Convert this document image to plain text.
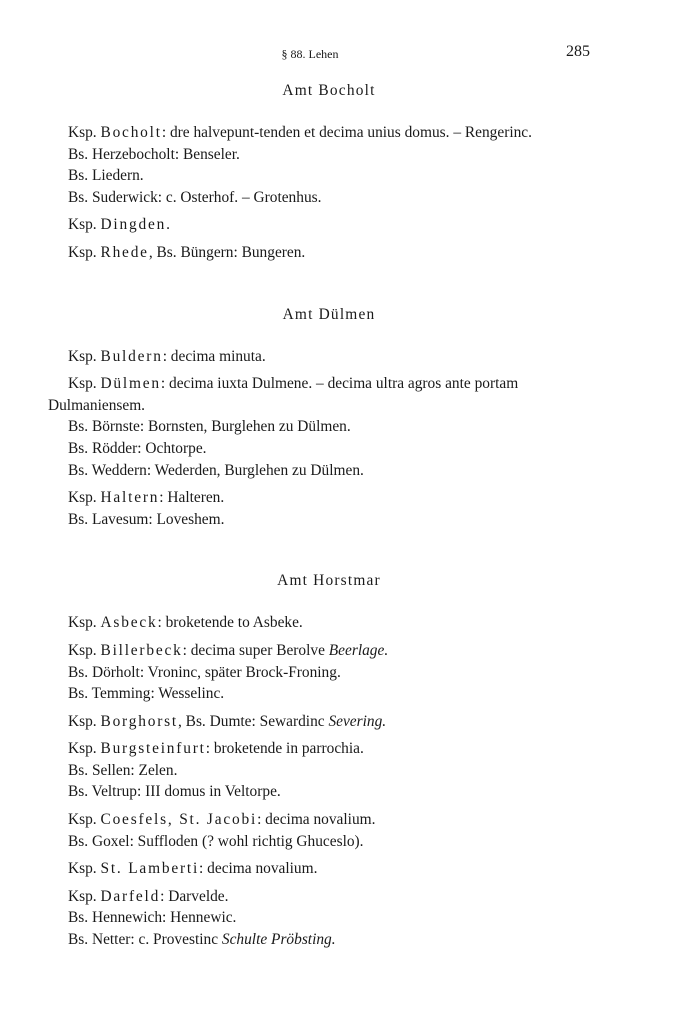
§ 88. Lehen	285
Amt Bocholt
Ksp. Bocholt: dre halvepunt-tenden et decima unius domus. – Rengerinc.
Bs. Herzebocholt: Benseler.
Bs. Liedern.
Bs. Suderwick: c. Osterhof. – Grotenhus.
Ksp. Dingden.
Ksp. Rhede, Bs. Büngern: Bungeren.
Amt Dülmen
Ksp. Buldern: decima minuta.
Ksp. Dülmen: decima iuxta Dulmene. – decima ultra agros ante portam
Dulmaniensem.
Bs. Börnste: Bornsten, Burglehen zu Dülmen.
Bs. Rödder: Ochtorpe.
Bs. Weddern: Wederden, Burglehen zu Dülmen.
Ksp. Haltern: Halteren.
Bs. Lavesum: Loveshem.
Amt Horstmar
Ksp. Asbeck: broketende to Asbeke.
Ksp. Billerbeck: decima super Berolve Beerlage.
Bs. Dörholt: Vroninc, später Brock-Froning.
Bs. Temming: Wesselinc.
Ksp. Borghorst, Bs. Dumte: Sewardinc Severing.
Ksp. Burgsteinfurt: broketende in parrochia.
Bs. Sellen: Zelen.
Bs. Veltrup: III domus in Veltorpe.
Ksp. Coesfels, St. Jacobi: decima novalium.
Bs. Goxel: Suffloden (? wohl richtig Ghuceslo).
Ksp. St. Lamberti: decima novalium.
Ksp. Darfeld: Darvelde.
Bs. Hennewich: Hennewic.
Bs. Netter: c. Provestinc Schulte Pröbsting.
